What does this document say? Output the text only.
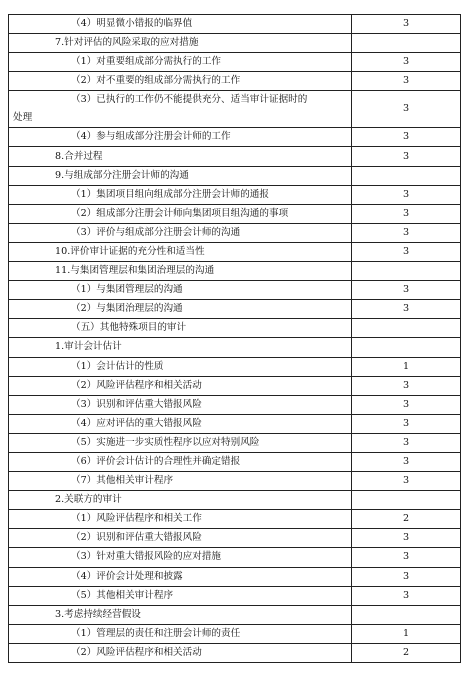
（4）明显微小错报的临界值	3
7.针对评估的风险采取的应对措施	
（1）对重要组成部分需执行的工作	3
（2）对不重要的组成部分需执行的工作	3

（3）已执行的工作仍不能提供充分、适当审计证据时的
处理	3
（4）参与组成部分注册会计师的工作	3
8.合并过程	3
9.与组成部分注册会计师的沟通	
（1）集团项目组向组成部分注册会计师的通报	3
（2）组成部分注册会计师向集团项目组沟通的事项	3
（3）评价与组成部分注册会计师的沟通	3
10.评价审计证据的充分性和适当性	3
11.与集团管理层和集团治理层的沟通	
（1）与集团管理层的沟通	3
（2）与集团治理层的沟通	3
（五）其他特殊项目的审计	
1.审计会计估计	
（1）会计估计的性质	1
（2）风险评估程序和相关活动	3
（3）识别和评估重大错报风险	3
（4）应对评估的重大错报风险	3
（5）实施进一步实质性程序以应对特别风险	3
（6）评价会计估计的合理性并确定错报	3
（7）其他相关审计程序	3
2.关联方的审计	
（1）风险评估程序和相关工作	2
（2）识别和评估重大错报风险	3
（3）针对重大错报风险的应对措施	3
（4）评价会计处理和披露	3
（5）其他相关审计程序	3
3.考虑持续经营假设	
（1）管理层的责任和注册会计师的责任	1
（2）风险评估程序和相关活动	2
